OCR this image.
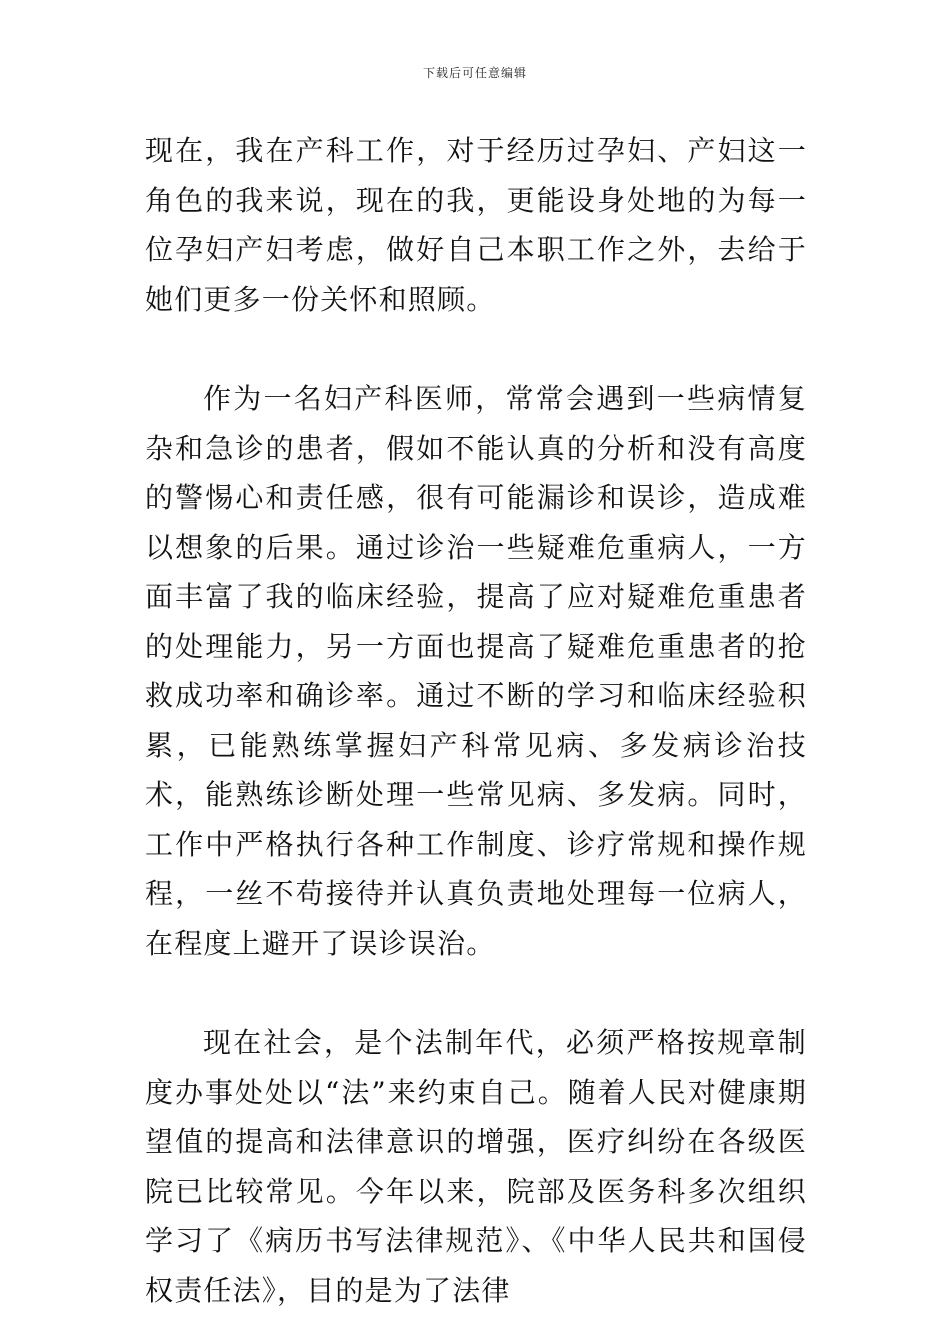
下载后可任意编辑

现在，我在产科工作，对于经历过孕妇、产妇这一角色的我来说，现在的我，更能设身处地的为每一位孕妇产妇考虑，做好自己本职工作之外，去给于她们更多一份关怀和照顾。

作为一名妇产科医师，常常会遇到一些病情复杂和急诊的患者，假如不能认真的分析和没有高度的警惕心和责任感，很有可能漏诊和误诊，造成难以想象的后果。通过诊治一些疑难危重病人，一方面丰富了我的临床经验，提高了应对疑难危重患者的处理能力，另一方面也提高了疑难危重患者的抢救成功率和确诊率。通过不断的学习和临床经验积累，已能熟练掌握妇产科常见病、多发病诊治技术，能熟练诊断处理一些常见病、多发病。同时，工作中严格执行各种工作制度、诊疗常规和操作规程，一丝不苟接待并认真负责地处理每一位病人，在程度上避开了误诊误治。

现在社会，是个法制年代，必须严格按规章制度办事处处以“法”来约束自己。随着人民对健康期望值的提高和法律意识的增强，医疗纠纷在各级医院已比较常见。今年以来，院部及医务科多次组织学习了《病历书写法律规范》、《中华人民共和国侵权责任法》，目的是为了法律
